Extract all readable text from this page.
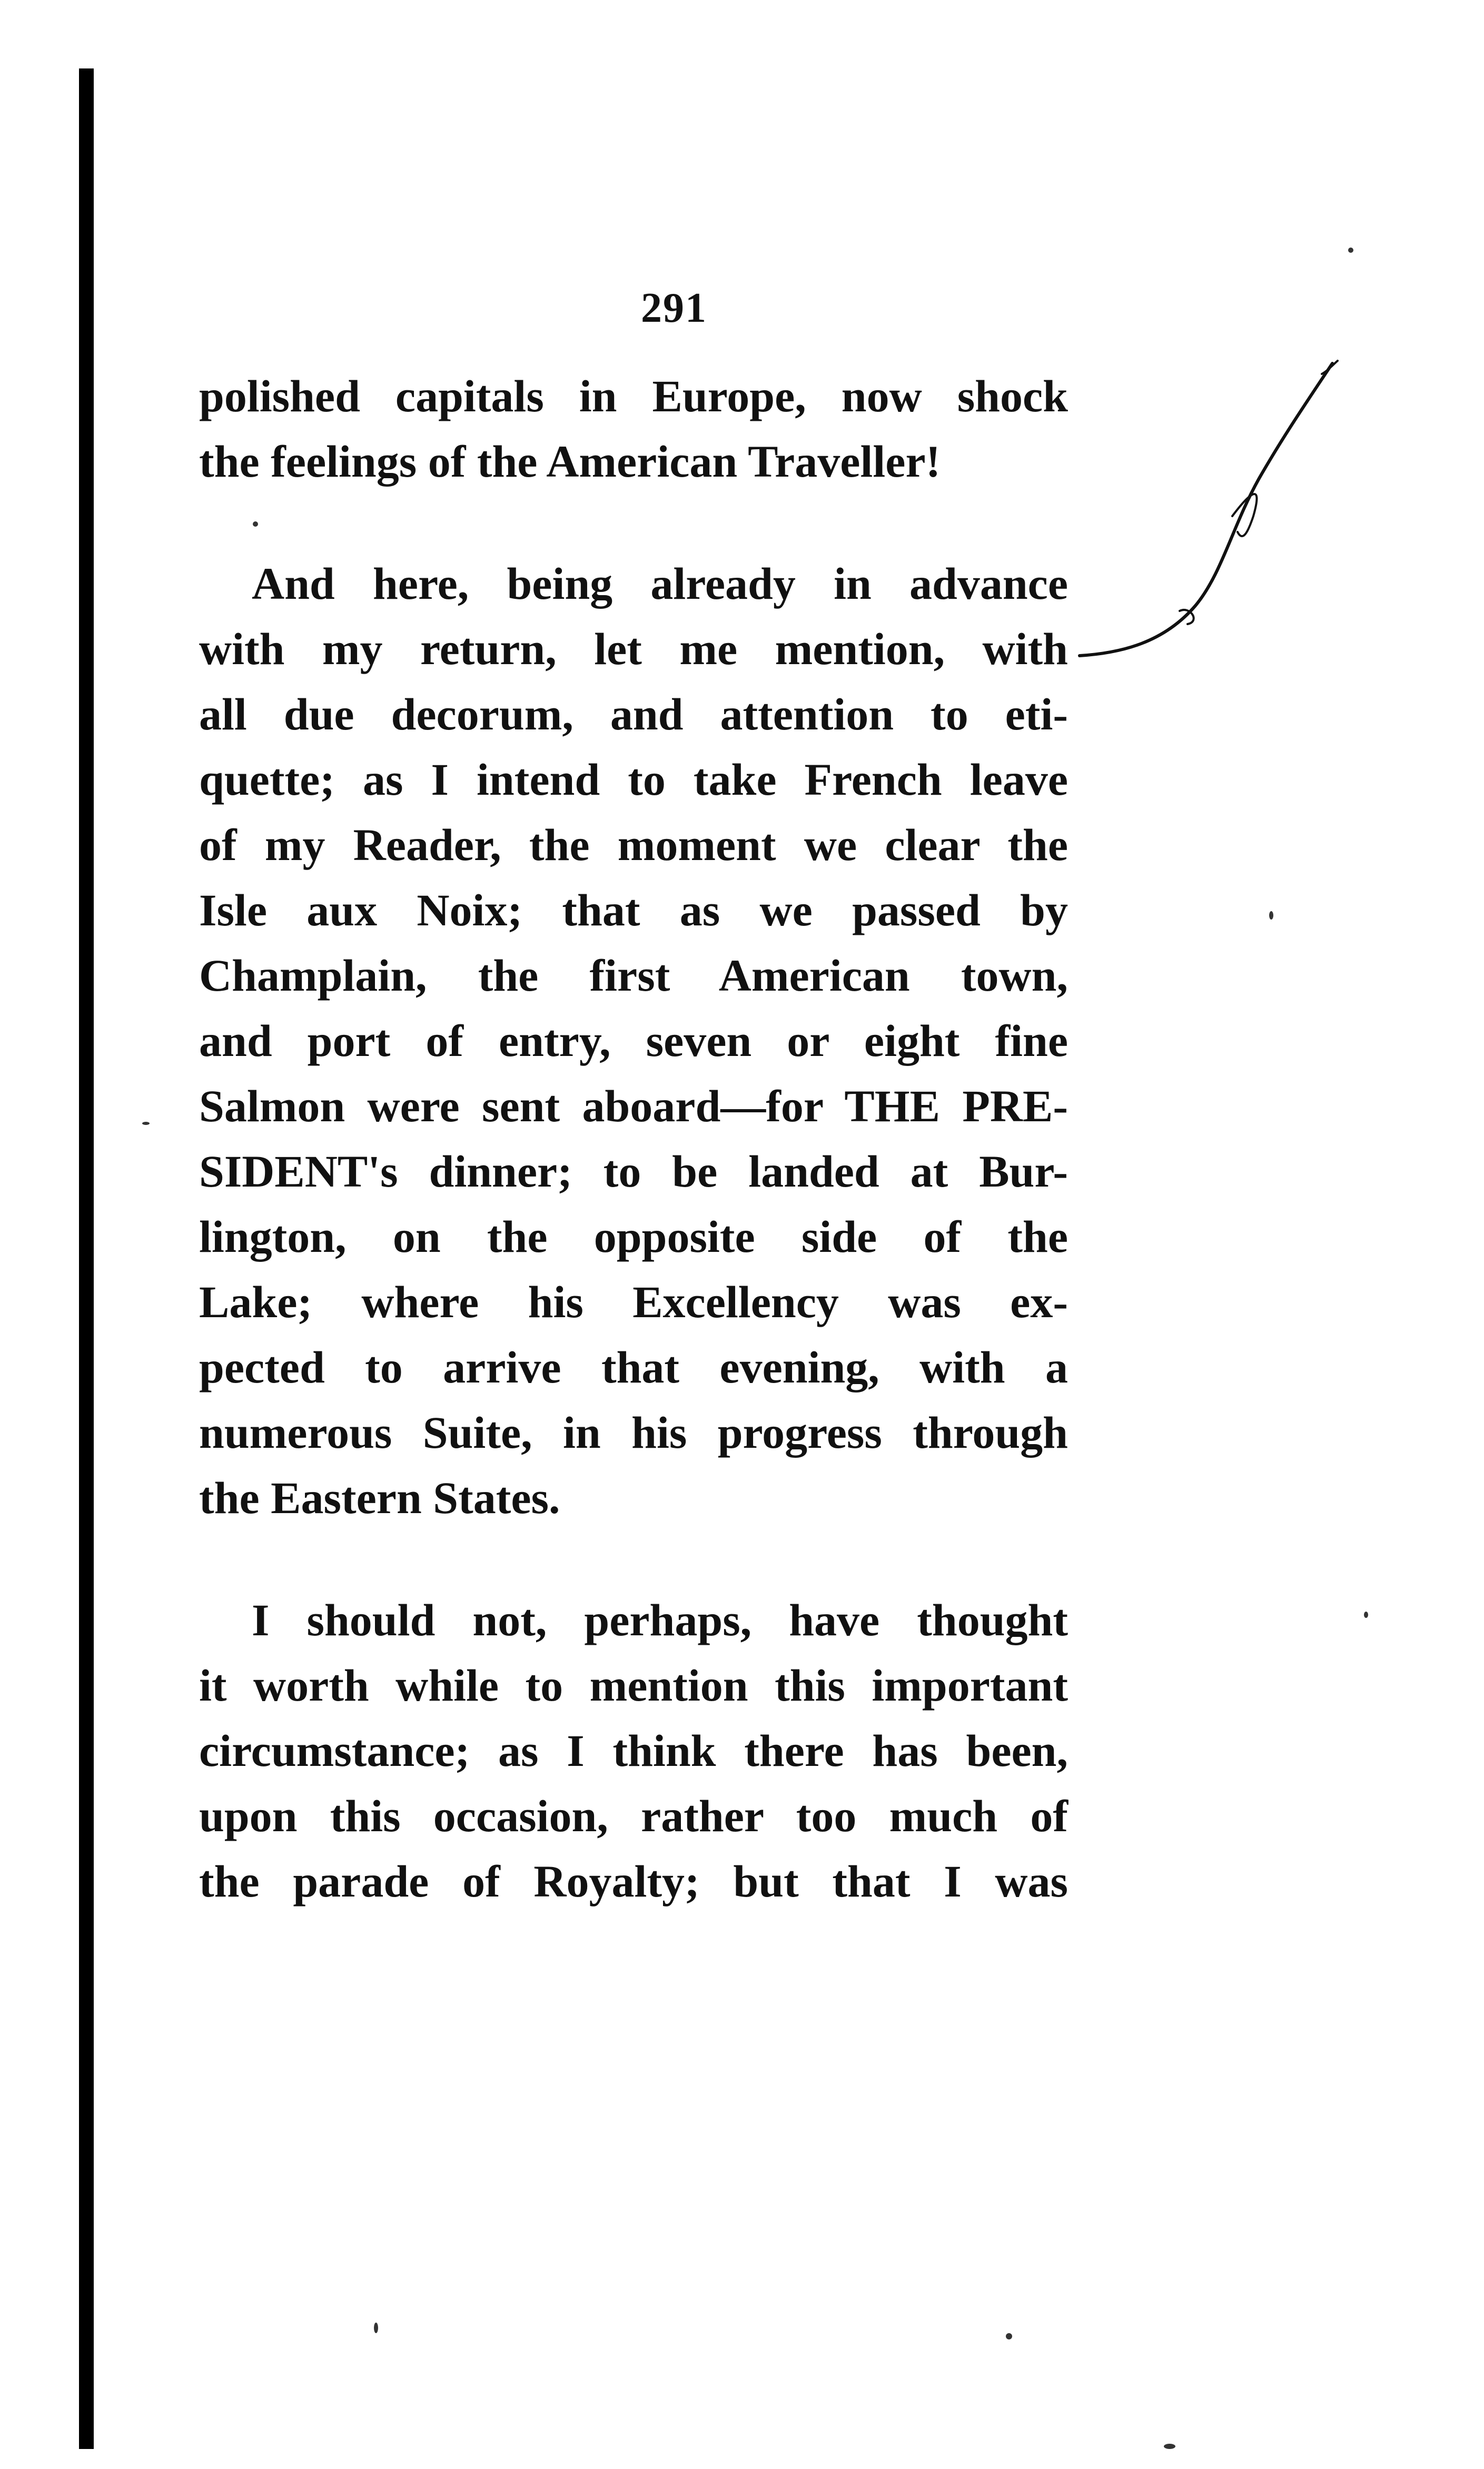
291
polished capitals in Europe, now shock
the feelings of the American Traveller!
And here, being already in advance
with my return, let me mention, with
all due decorum, and attention to eti-
quette; as I intend to take French leave
of my Reader, the moment we clear the
Isle aux Noix; that as we passed by
Champlain, the first American town,
and port of entry, seven or eight fine
Salmon were sent aboard—for THE PRE-
SIDENT's dinner; to be landed at Bur-
lington, on the opposite side of the
Lake; where his Excellency was ex-
pected to arrive that evening, with a
numerous Suite, in his progress through
the Eastern States.
I should not, perhaps, have thought
it worth while to mention this important
circumstance; as I think there has been,
upon this occasion, rather too much of
the parade of Royalty; but that I was
